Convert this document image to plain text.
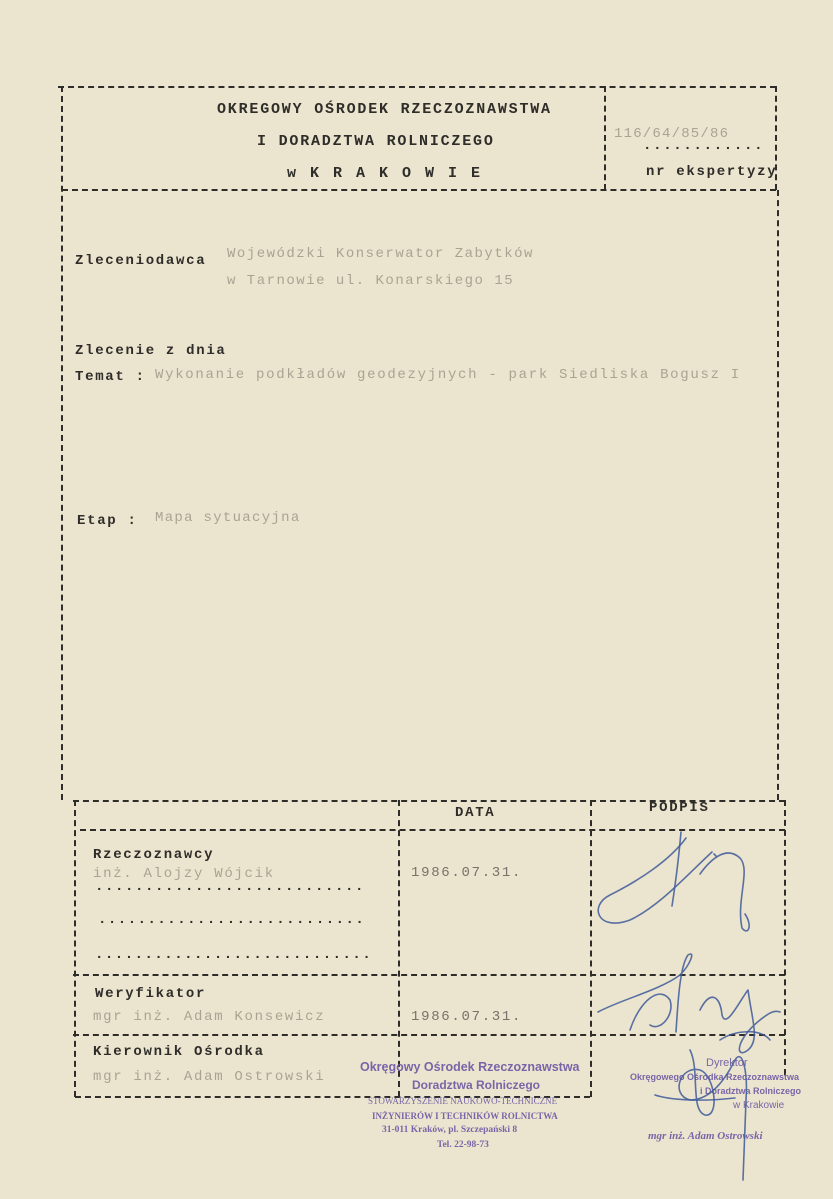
OKREGOWY OŚRODEK RZECZOZNAWSTWA
I DORADZTWA ROLNICZEGO
w K R A K O W I E
116/64/85/86
............
nr ekspertyzy
Zleceniodawca Wojewódzki Konserwator Zabytków
w Tarnowie ul. Konarskiego 15
Zlecenie z dnia
Temat : Wykonanie podkładów geodezyjnych - park Siedliska Bogusz I
Etap : Mapa sytuacyjna
DATA	PODPIS
Rzeczoznawcy
inż. Alojzy Wójcik
...........................
...........................
............................
1986.07.31.
Weryfikator
mgr inż. Adam Konsewicz	1986.07.31.
Kierownik Ośrodka
mgr inż. Adam Ostrowski
Okręgowy Ośrodek Rzeczoznawstwa
Doradztwa Rolniczego
STOWARZYSZENIE NAUKOWO-TECHNICZNE
INŻYNIERÓW I TECHNIKÓW ROLNICTWA
31-011 Kraków, pl. Szczepański 8
Tel. 22-98-73
Dyrektor
Okręgowego Ośrodka Rzeczoznawstwa
i Doradztwa Rolniczego
w Krakowie
mgr inż. Adam Ostrowski
